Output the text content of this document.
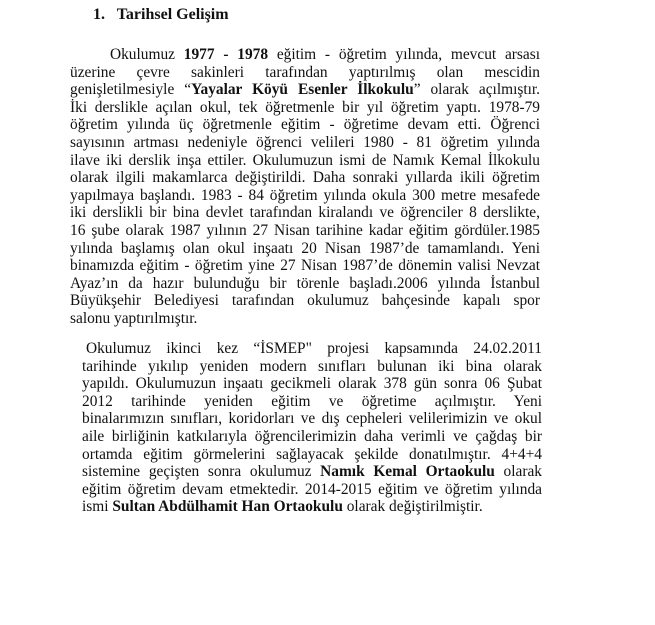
1. Tarihsel Gelişim
Okulumuz 1977 - 1978 eğitim - öğretim yılında, mevcut arsası
üzerine çevre sakinleri tarafından yaptırılmış olan mescidin
genişletilmesiyle “Yayalar Köyü Esenler İlkokulu” olarak açılmıştır.
İki derslikle açılan okul, tek öğretmenle bir yıl öğretim yaptı. 1978-79
öğretim yılında üç öğretmenle eğitim - öğretime devam etti. Öğrenci
sayısının artması nedeniyle öğrenci velileri 1980 - 81 öğretim yılında
ilave iki derslik inşa ettiler. Okulumuzun ismi de Namık Kemal İlkokulu
olarak ilgili makamlarca değiştirildi. Daha sonraki yıllarda ikili öğretim
yapılmaya başlandı. 1983 - 84 öğretim yılında okula 300 metre mesafede
iki derslikli bir bina devlet tarafından kiralandı ve öğrenciler 8 derslikte,
16 şube olarak 1987 yılının 27 Nisan tarihine kadar eğitim gördüler.1985
yılında başlamış olan okul inşaatı 20 Nisan 1987’de tamamlandı. Yeni
binamızda eğitim - öğretim yine 27 Nisan 1987’de dönemin valisi Nevzat
Ayaz’ın da hazır bulunduğu bir törenle başladı.2006 yılında İstanbul
Büyükşehir Belediyesi tarafından okulumuz bahçesinde kapalı spor
salonu yaptırılmıştır.
Okulumuz ikinci kez “İSMEP" projesi kapsamında 24.02.2011
tarihinde yıkılıp yeniden modern sınıfları bulunan iki bina olarak
yapıldı. Okulumuzun inşaatı gecikmeli olarak 378 gün sonra 06 Şubat
2012 tarihinde yeniden eğitim ve öğretime açılmıştır. Yeni
binalarımızın sınıfları, koridorları ve dış cepheleri velilerimizin ve okul
aile birliğinin katkılarıyla öğrencilerimizin daha verimli ve çağdaş bir
ortamda eğitim görmelerini sağlayacak şekilde donatılmıştır. 4+4+4
sistemine geçişten sonra okulumuz Namık Kemal Ortaokulu olarak
eğitim öğretim devam etmektedir. 2014-2015 eğitim ve öğretim yılında
ismi Sultan Abdülhamit Han Ortaokulu olarak değiştirilmiştir.
